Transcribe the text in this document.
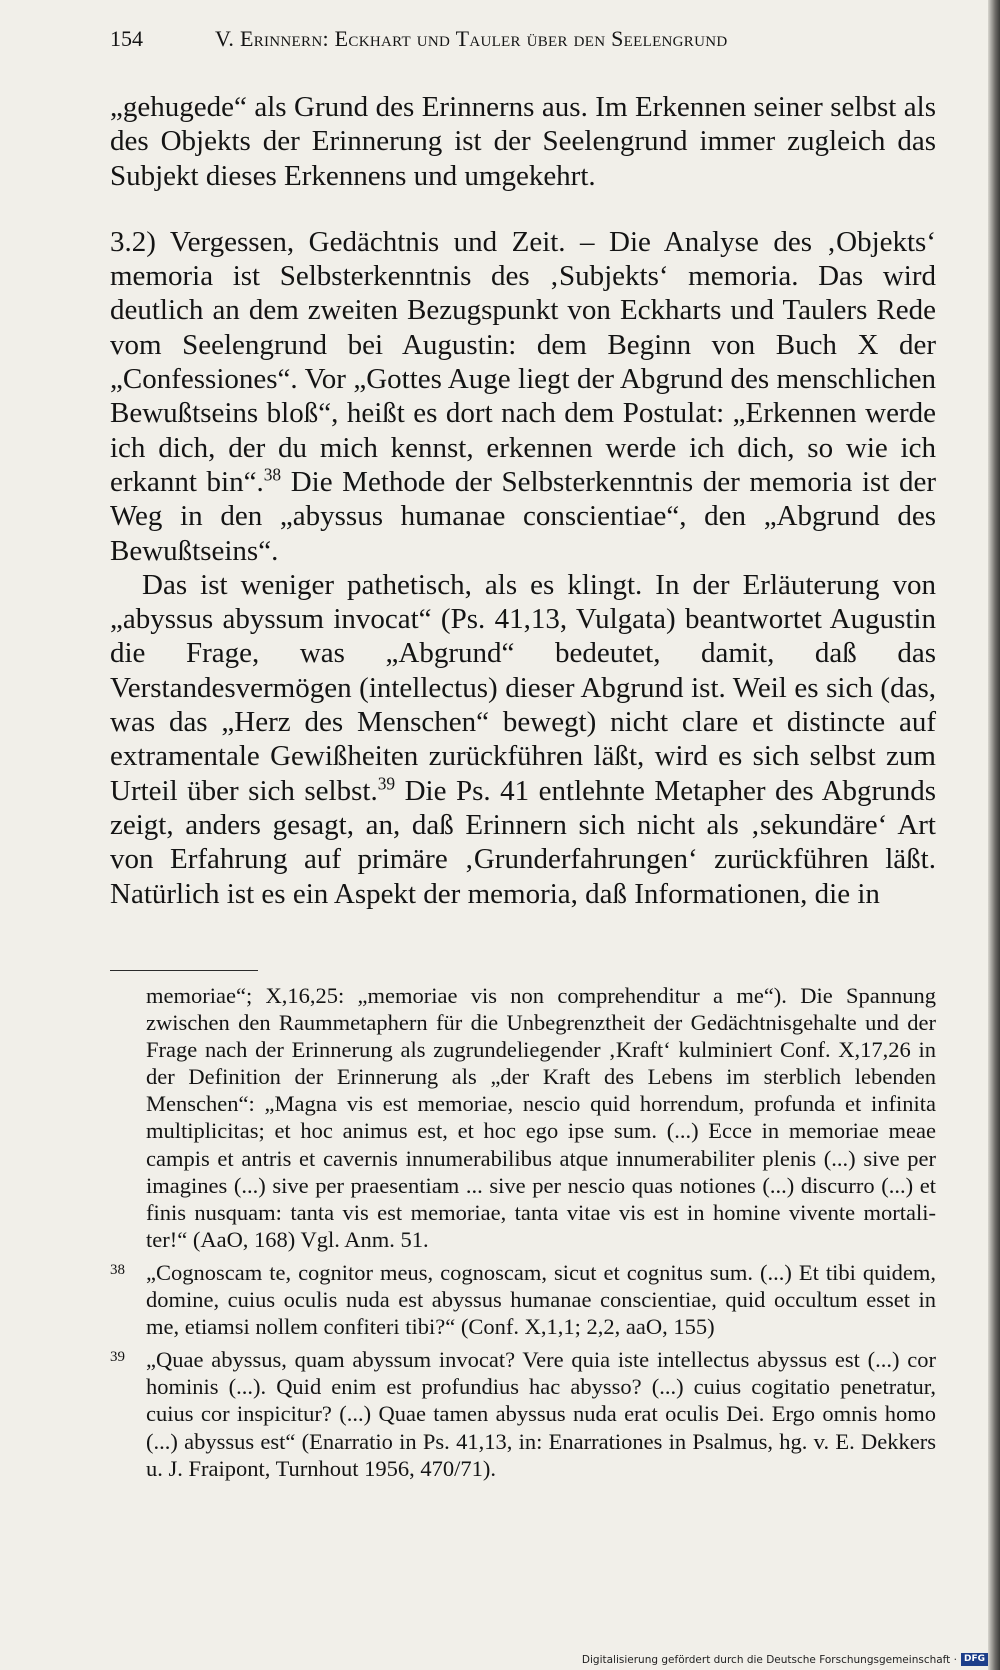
154	V. Erinnern: Eckhart und Tauler über den Seelengrund

„gehugede“ als Grund des Erinnerns aus. Im Erkennen seiner selbst als des Objekts der Erinnerung ist der Seelengrund immer zugleich das Subjekt dieses Erkennens und umgekehrt.

3.2) Vergessen, Gedächtnis und Zeit. – Die Analyse des ‚Objekts‘ memoria ist Selbsterkenntnis des ‚Subjekts‘ memoria. Das wird deutlich an dem zweiten Bezugspunkt von Eckharts und Taulers Rede vom Seelengrund bei Augustin: dem Beginn von Buch X der „Confessiones“. Vor „Gottes Auge liegt der Abgrund des menschlichen Bewußtseins bloß“, heißt es dort nach dem Postulat: „Erkennen werde ich dich, der du mich kennst, erkennen werde ich dich, so wie ich erkannt bin“.$^{38}$ Die Methode der Selbsterkenntnis der memoria ist der Weg in den „abyssus humanae conscientiae“, den „Abgrund des Bewußtseins“.

Das ist weniger pathetisch, als es klingt. In der Erläuterung von „abyssus abyssum invocat“ (Ps. 41,13, Vulgata) beantwortet Augustin die Frage, was „Abgrund“ bedeutet, damit, daß das Verstandesvermögen (intellectus) dieser Abgrund ist. Weil es sich (das, was das „Herz des Menschen“ bewegt) nicht clare et distincte auf extramentale Gewißheiten zurückführen läßt, wird es sich selbst zum Urteil über sich selbst.$^{39}$ Die Ps. 41 entlehnte Metapher des Abgrunds zeigt, anders gesagt, an, daß Erinnern sich nicht als ‚sekundäre‘ Art von Erfahrung auf primäre ‚Grunderfahrungen‘ zurückführen läßt. Natürlich ist es ein Aspekt der memoria, daß Informationen, die in

memoriae“; X,16,25: „memoriae vis non comprehenditur a me“). Die Spannung zwischen den Raummetaphern für die Unbegrenztheit der Gedächtnisgehalte und der Frage nach der Erinnerung als zugrundeliegender ‚Kraft‘ kulminiert Conf. X,17,26 in der Definition der Erinnerung als „der Kraft des Lebens im sterblich lebenden Menschen“: „Magna vis est memoriae, nescio quid horrendum, profunda et infinita multiplicitas; et hoc animus est, et hoc ego ipse sum. (...) Ecce in memoriae meae campis et antris et cavernis innumerabilibus atque innumerabiliter plenis (...) sive per imagines (...) sive per praesentiam ... sive per nescio quas notiones (...) discurro (...) et finis nusquam: tanta vis est memoriae, tanta vitae vis est in homine vivente mortali-ter!“ (AaO, 168) Vgl. Anm. 51.

38 „Cognoscam te, cognitor meus, cognoscam, sicut et cognitus sum. (...) Et tibi quidem, domine, cuius oculis nuda est abyssus humanae conscientiae, quid occultum esset in me, etiamsi nollem confiteri tibi?“ (Conf. X,1,1; 2,2, aaO, 155)

39 „Quae abyssus, quam abyssum invocat? Vere quia iste intellectus abyssus est (...) cor hominis (...). Quid enim est profundius hac abysso? (...) cuius cogitatio penetratur, cuius cor inspicitur? (...) Quae tamen abyssus nuda erat oculis Dei. Ergo omnis homo (...) abyssus est“ (Enarratio in Ps. 41,13, in: Enarrationes in Psalmus, hg. v. E. Dekkers u. J. Fraipont, Turnhout 1956, 470/71).

Digitalisierung gefördert durch die Deutsche Forschungsgemeinschaft · DFG
